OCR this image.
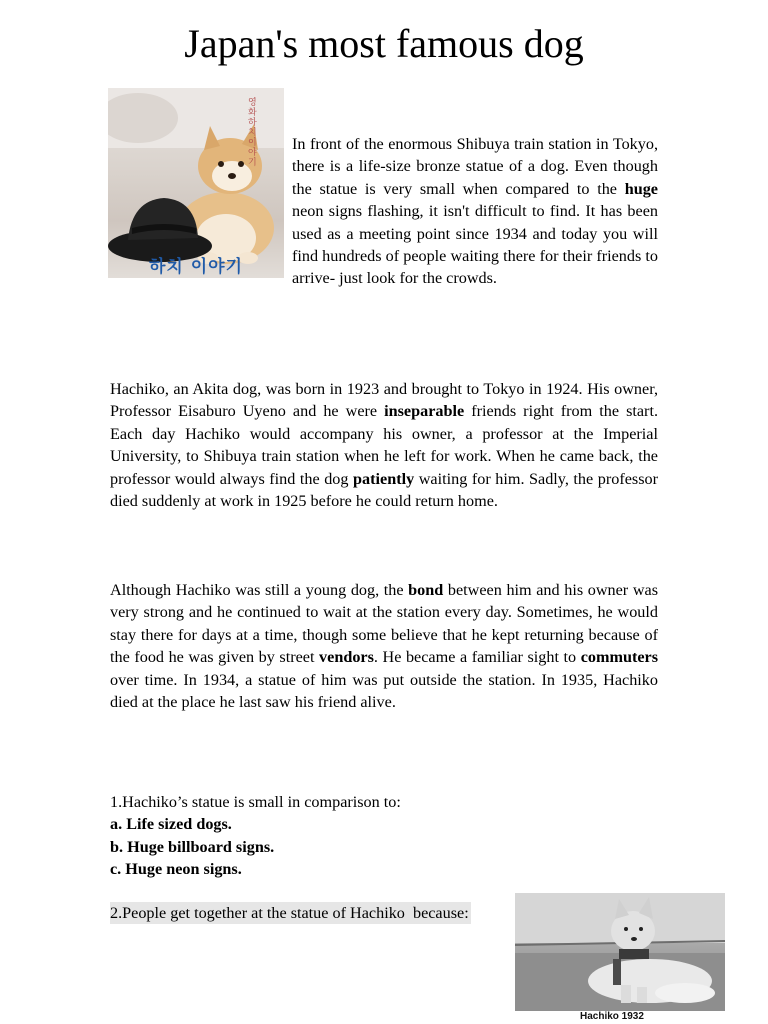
Japan's most famous dog
영화 하치이야기
하치 이야기

In front of the enormous Shibuya train station in Tokyo, there is a life-size bronze statue of a dog. Even though the statue is very small when compared to the huge neon signs flashing, it isn't difficult to find. It has been used as a meeting point since 1934 and today you will find hundreds of people waiting there for their friends to arrive- just look for the crowds.

Hachiko, an Akita dog, was born in 1923 and brought to Tokyo in 1924. His owner, Professor Eisaburo Uyeno and he were inseparable friends right from the start. Each day Hachiko would accompany his owner, a professor at the Imperial University, to Shibuya train station when he left for work. When he came back, the professor would always find the dog patiently waiting for him. Sadly, the professor died suddenly at work in 1925 before he could return home.

Although Hachiko was still a young dog, the bond between him and his owner was very strong and he continued to wait at the station every day. Sometimes, he would stay there for days at a time, though some believe that he kept returning because of the food he was given by street vendors. He became a familiar sight to commuters over time. In 1934, a statue of him was put outside the station. In 1935, Hachiko died at the place he last saw his friend alive.

1.Hachiko’s statue is small in comparison to:
a. Life sized dogs.
b. Huge billboard signs.
c. Huge neon signs.
2.People get together at the statue of Hachiko  because:

Hachiko 1932
